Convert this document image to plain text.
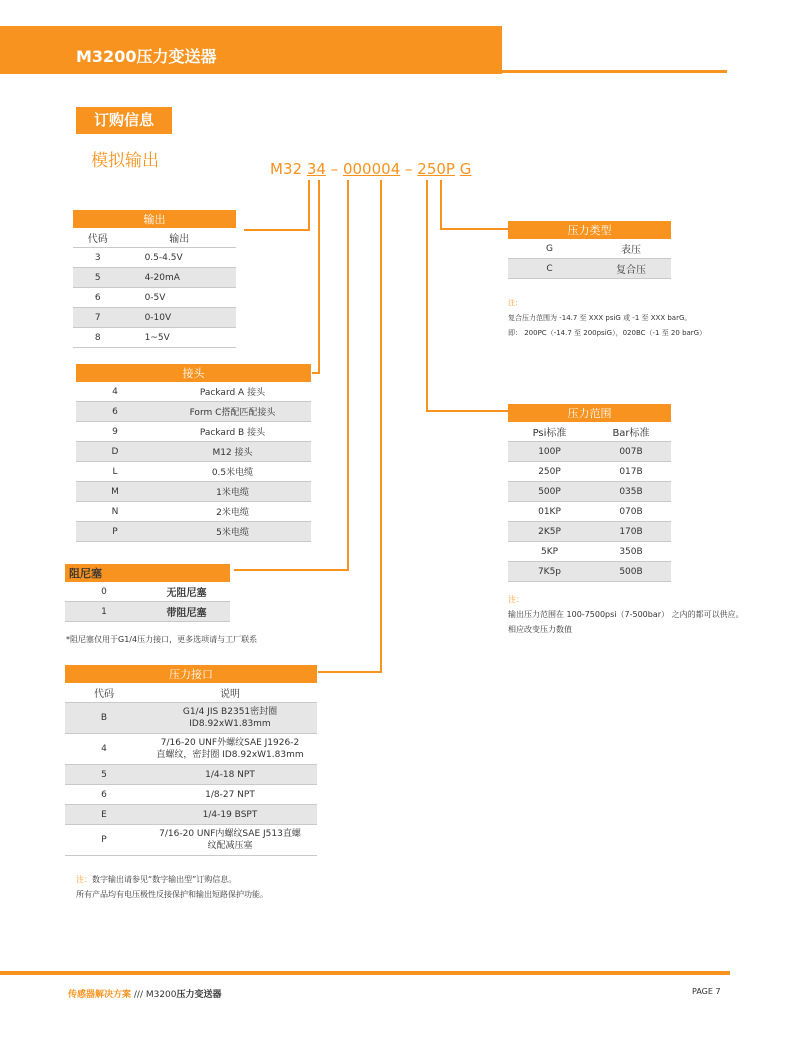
M3200压力变送器
订购信息
模拟输出	M32 34 – 000004 – 250P G
输出	
代码	输出
3	0.5-4.5V
5	4-20mA
6	0-5V
7	0-10V
8	1~5V
接头	
4	Packard A 接头
6	Form C搭配匹配接头
9	Packard B 接头
D	M12 接头
L	0.5米电缆
M	1米电缆
N	2米电缆
P	5米电缆
阻尼塞	
0	无阻尼塞
1	带阻尼塞
*阻尼塞仅用于G1/4压力接口，更多选项请与工厂联系
压力接口	
代码	说明
B	G1/4 JIS B2351密封圈
ID8.92xW1.83mm

4	7/16-20 UNF外螺纹SAE J1926-2
直螺纹，密封圈 ID8.92xW1.83mm

5	1/4-18 NPT
6	1/8-27 NPT
E	1/4-19 BSPT
P	7/16-20 UNF内螺纹SAE J513直螺
纹配减压塞
注：数字输出请参见“数字输出型”订购信息。
所有产品均有电压极性反接保护和输出短路保护功能。
压力类型	
G	表压
C	复合压
注：
复合压力范围为 -14.7 至 XXX psiG 或 -1 至 XXX barG。
即： 200PC（-14.7 至 200psiG），020BC（-1 至 20 barG）
压力范围	
Psi标准	Bar标准
100P	007B
250P	017B
500P	035B
01KP	070B
2K5P	170B
5KP	350B
7K5p	500B
注：
输出压力范围在 100-7500psi（7-500bar） 之内的都可以供应。
相应改变压力数值
传感器解决方案 /// M3200压力变送器	PAGE 7
